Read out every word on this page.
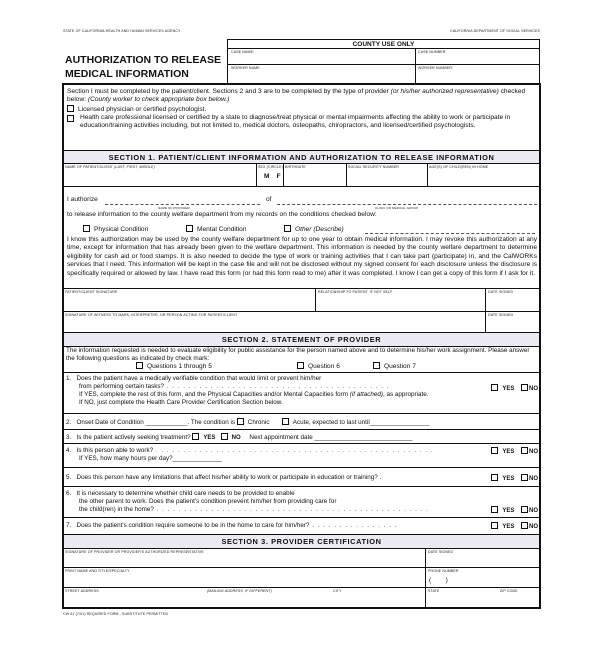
STATE OF CALIFORNIA-HEALTH AND HUMAN SERVICES AGENCY	CALIFORNIA DEPARTMENT OF SOCIAL SERVICES
AUTHORIZATION TO RELEASE
MEDICAL INFORMATION
COUNTY USE ONLY
CASE NAME:	CASE NUMBER:
WORKER NAME:	WORKER NUMBER:
Section I must be completed by the patient/client. Sections 2 and 3 are to be completed by the type of provider (or his/her authorized representative) checked below: (County worker to check appropriate box below.)
Licensed physician or certified psychologist.
Health care professional licensed or certified by a state to diagnose/treat physical or mental impairments affecting the ability to work or participate in education/training activities including, but not limited to, medical doctors, osteopaths, chiropractors, and licensed/certified psychologists.
SECTION 1. PATIENT/CLIENT INFORMATION AND AUTHORIZATION TO RELEASE INFORMATION
NAME OF PATIENT/CLIENT (LAST, FIRST, MIDDLE)	SEX (CIRCLE)
M F
BIRTHDATE	SOCIAL SECURITY NUMBER	AGE(S) OF CHILD(REN) IN HOME
I authorize
NAME OF PROVIDER
of
CLINIC OR MEDICAL GROUP
to release information to the county welfare department from my records on the conditions checked below:
Physical Condition	Mental Condition	Other (Describe)
I know this authorization may be used by the county welfare department for up to one year to obtain medical information. I may revoke this authorization at any time, except for information that has already been given to the welfare department. This information is needed by the county welfare department to determine eligibility for cash aid or food stamps. It is also needed to decide the type of work or training activities that I can take part (participate) in, and the CalWORKs services that I need. This information will be kept in the case file and will not be disclosed without my signed consent for each disclosure unless the disclosure is specifically required or allowed by law. I have read this form (or had this form read to me) after it was completed. I know I can get a copy of this form if I ask for it.
PATIENT/CLIENT SIGNATURE	RELATIONSHIP TO PATIENT, IF NOT SELF	DATE SIGNED
SIGNATURE OF WITNESS TO MARK, INTERPRETER, OR PERSON ACTING FOR PATIENT/CLIENT	DATE SIGNED
SECTION 2. STATEMENT OF PROVIDER
The information requested is needed to evaluate eligibility for public assistance for the person named above and to determine his/her work assignment. Please answer the following questions as indicated by check mark:
Questions 1 through 5	Question 6	Question 7
1. Does the patient have a medically verifiable condition that would limit or prevent him/her
from performing certain tasks? . . . . . . . . . . . . . . . . . . . . . . . . . . . . . . . . . . . . . . . . .
If YES, complete the rest of this form, and the Physical Capacities and/or Mental Capacities form (if attached), as appropriate.
If NO, just complete the Health Care Provider Certification Section below.
YES NO
2. Onset Date of Condition ____________. The condition is Chronic	Acute, expected to last until_________________
3. Is the patient actively seeking treatment? YES	NO Next appointment date ____________________________
4. Is this person able to work? . . . . . . . . . . . . . . . . . . . . . . . . . . . . . . . . . . . . . . . . . . . . . . . . . . .
If YES, how many hours per day?______________
YES NO
5. Does this person have any limitations that affect his/her ability to work or participate in education or training? .	YES NO
6. It is necessary to determine whether child care needs to be provided to enable
the other parent to work. Does the patient's condition prevent him/her from providing care for
the child(ren) in the home? . . . . . . . . . . . . . . . . . . . . . . . . . . . . . . . . . . . . . . . . . . . . . . . . . .	YES NO
7. Does the patient's condition require someone to be in the home to care for him/her? . . . . . . . . . . . . . . . .	YES NO
SECTION 3. PROVIDER CERTIFICATION
SIGNATURE OF PROVIDER OR PROVIDER'S AUTHORIZED REPRESENTATIVE	DATE SIGNED
PRINT NAME AND TITLE/SPECIALTY	PHONE NUMBER
(        )
STREET ADDRESS	(MAILING ADDRESS, IF DIFFERENT)	CITY	STATE	ZIP CODE
CW 61 (7/01) REQUIRED FORM - SUBSTITUTE PERMITTED
